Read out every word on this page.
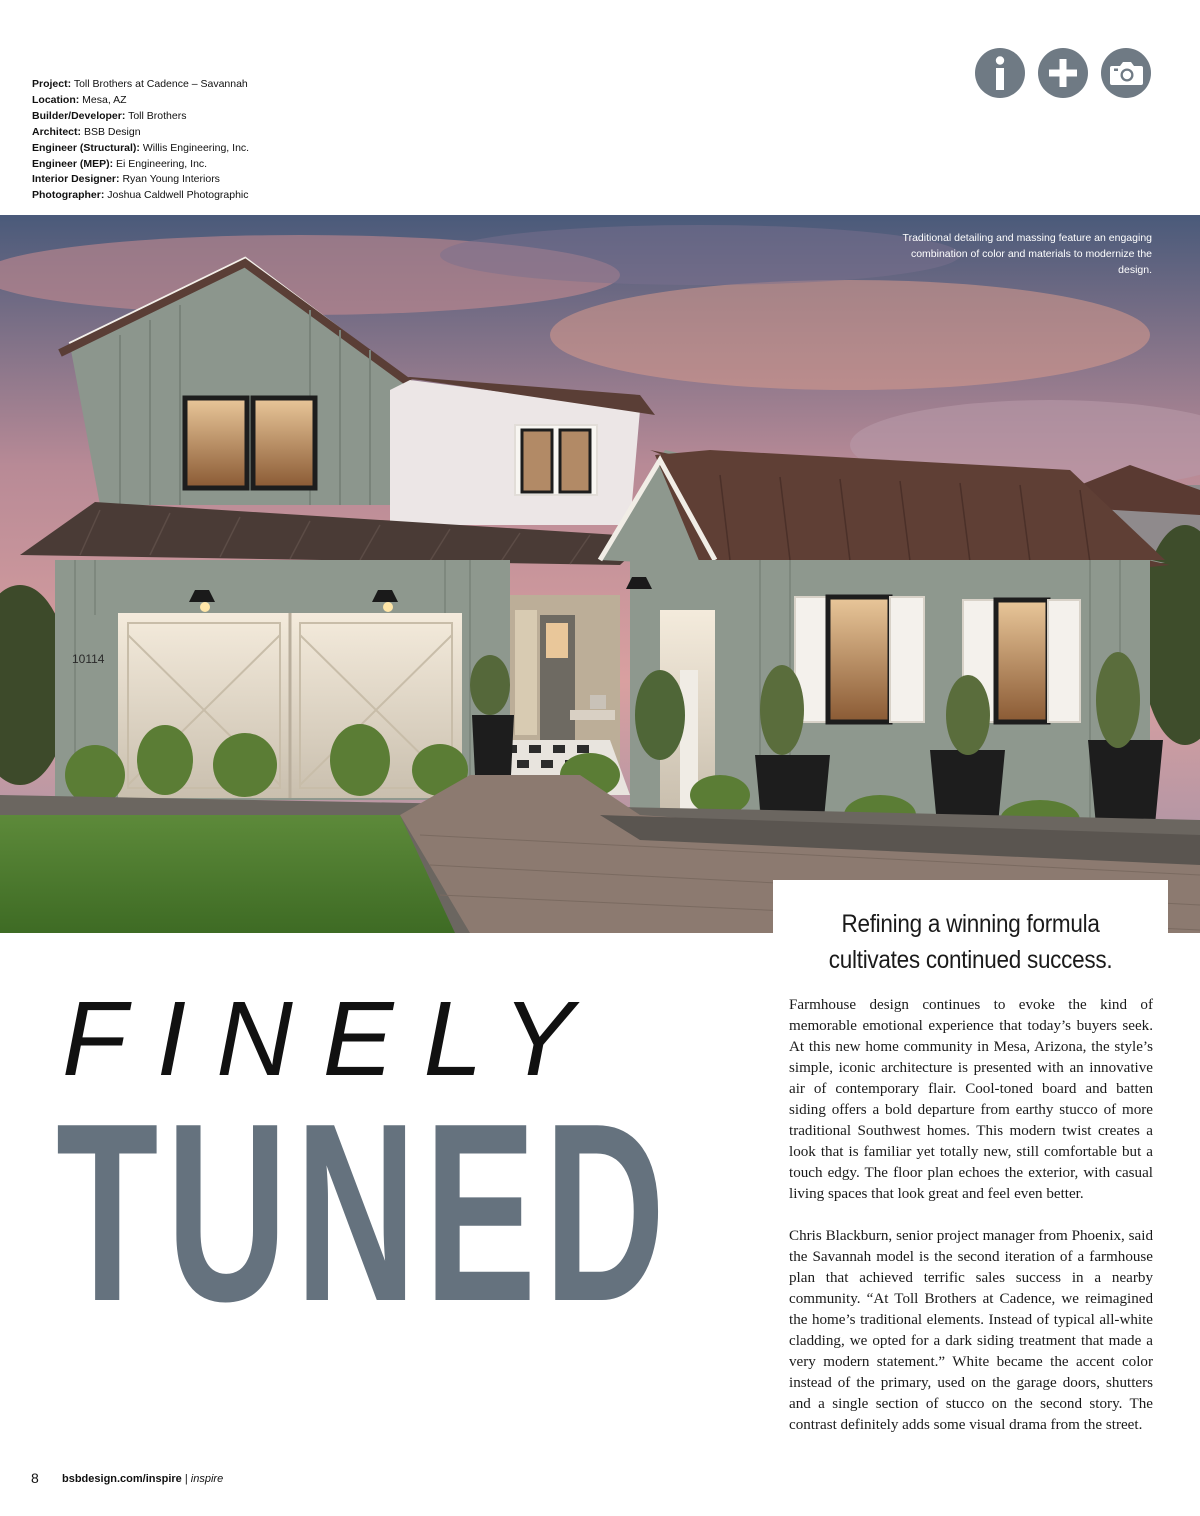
Project: Toll Brothers at Cadence – Savannah
Location: Mesa, AZ
Builder/Developer: Toll Brothers
Architect: BSB Design
Engineer (Structural): Willis Engineering, Inc.
Engineer (MEP): Ei Engineering, Inc.
Interior Designer: Ryan Young Interiors
Photographer: Joshua Caldwell Photographic
10114
Traditional detailing and massing feature an engaging combination of color and materials to modernize the design.
Refining a winning formula
cultivates continued success.
FINELY
TUNED

Farmhouse design continues to evoke the kind of memorable emotional experience that today’s buyers seek. At this new home community in Mesa, Arizona, the style’s simple, iconic architecture is presented with an innovative air of contemporary flair. Cool-toned board and batten siding offers a bold departure from earthy stucco of more traditional Southwest homes. This modern twist creates a look that is familiar yet totally new, still comfortable but a touch edgy. The floor plan echoes the exterior, with casual living spaces that look great and feel even better.

Chris Blackburn, senior project manager from Phoenix, said the Savannah model is the second iteration of a farmhouse plan that achieved terrific sales success in a nearby community. “At Toll Brothers at Cadence, we reimagined the home’s traditional elements. Instead of typical all-white cladding, we opted for a dark siding treatment that made a very modern statement.” White became the accent color instead of the primary, used on the garage doors, shutters and a single section of stucco on the second story. The contrast definitely adds some visual drama from the street.

8 bsbdesign.com/inspire | inspire
